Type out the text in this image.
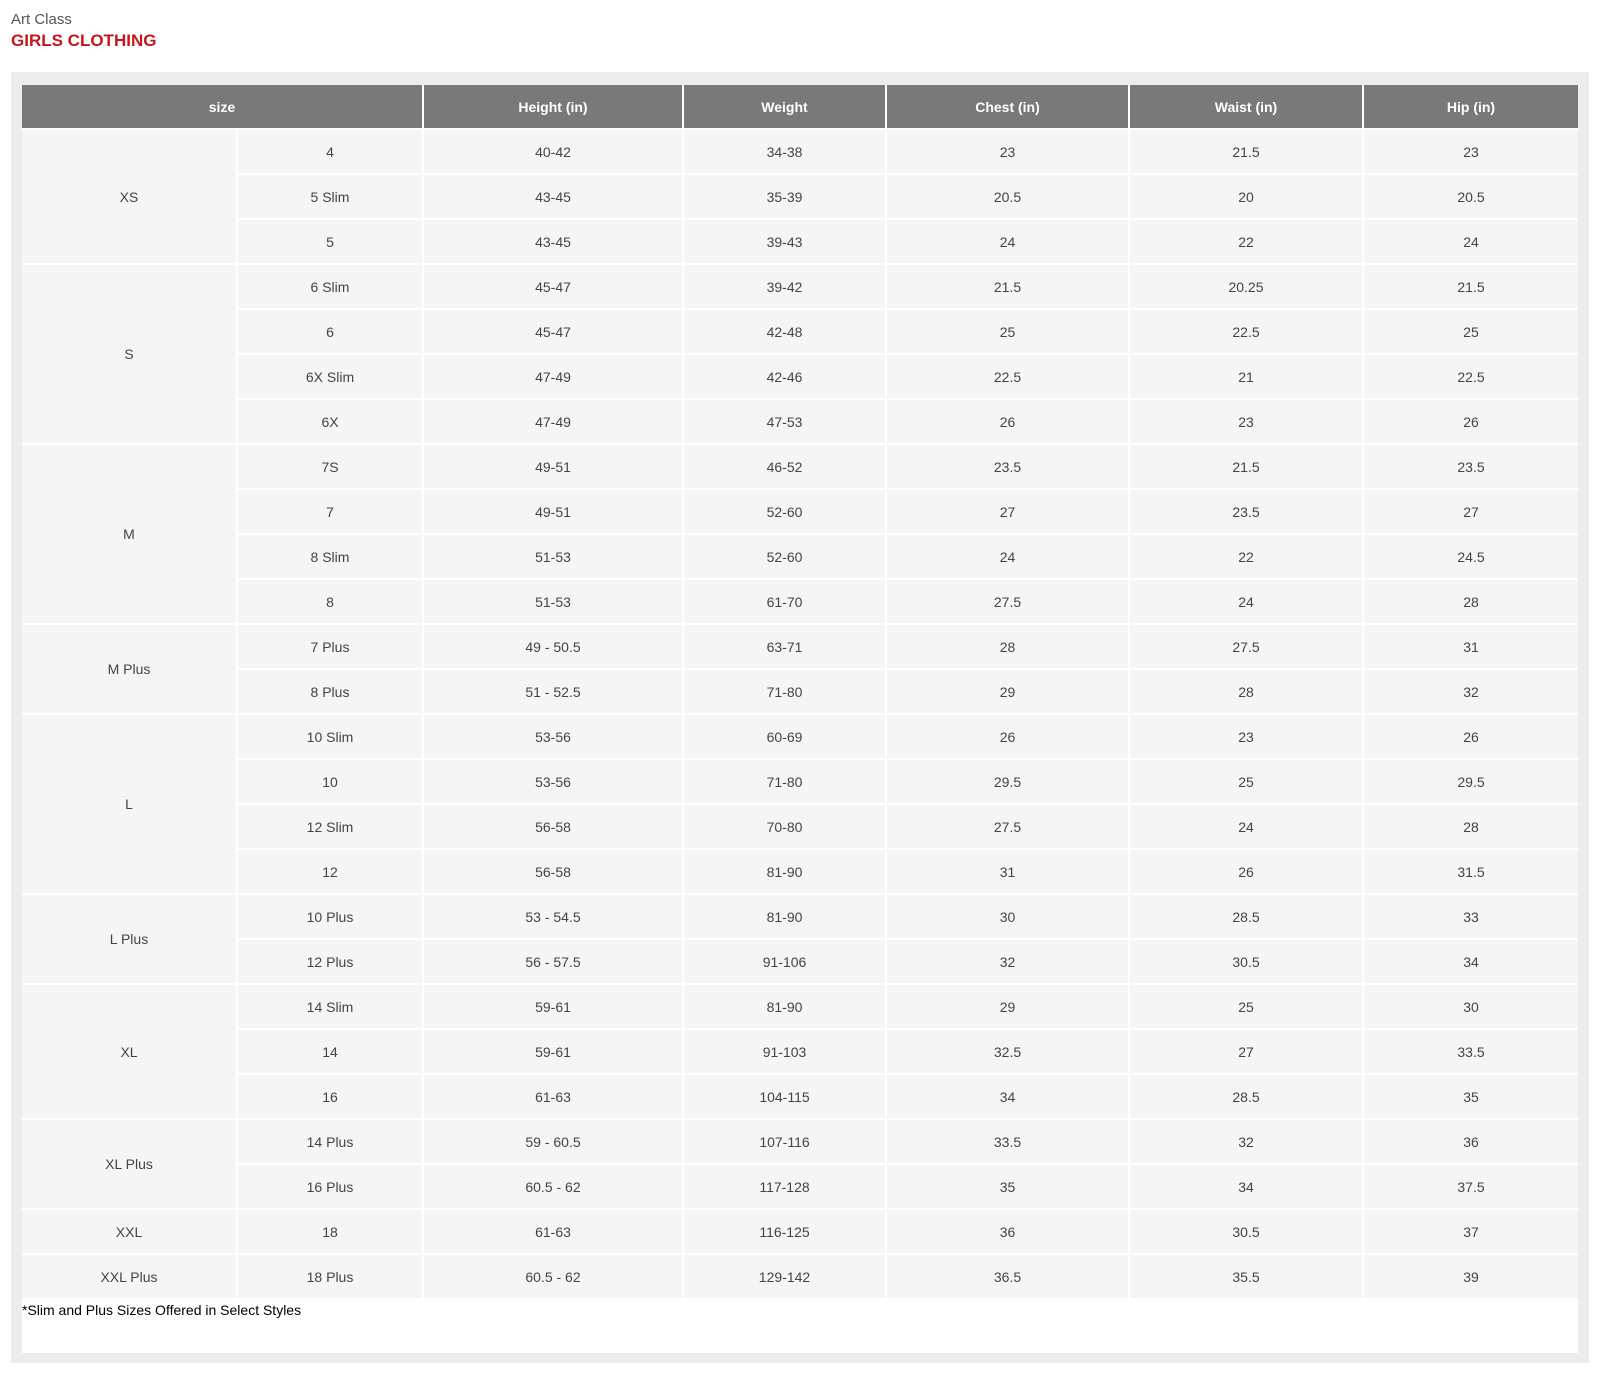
Art Class
GIRLS CLOTHING
size		Height (in)	Weight	Chest (in)	Waist (in)	Hip (in)
XS	4	40-42	34-38	23	21.5	23
	5 Slim	43-45	35-39	20.5	20	20.5
	5	43-45	39-43	24	22	24
S	6 Slim	45-47	39-42	21.5	20.25	21.5
	6	45-47	42-48	25	22.5	25
	6X Slim	47-49	42-46	22.5	21	22.5
	6X	47-49	47-53	26	23	26
M	7S	49-51	46-52	23.5	21.5	23.5
	7	49-51	52-60	27	23.5	27
	8 Slim	51-53	52-60	24	22	24.5
	8	51-53	61-70	27.5	24	28
M Plus	7 Plus	49 - 50.5	63-71	28	27.5	31
	8 Plus	51 - 52.5	71-80	29	28	32
L	10 Slim	53-56	60-69	26	23	26
	10	53-56	71-80	29.5	25	29.5
	12 Slim	56-58	70-80	27.5	24	28
	12	56-58	81-90	31	26	31.5
L Plus	10 Plus	53 - 54.5	81-90	30	28.5	33
	12 Plus	56 - 57.5	91-106	32	30.5	34
XL	14 Slim	59-61	81-90	29	25	30
	14	59-61	91-103	32.5	27	33.5
	16	61-63	104-115	34	28.5	35
XL Plus	14 Plus	59 - 60.5	107-116	33.5	32	36
	16 Plus	60.5 - 62	117-128	35	34	37.5
XXL	18	61-63	116-125	36	30.5	37
XXL Plus	18 Plus	60.5 - 62	129-142	36.5	35.5	39
*Slim and Plus Sizes Offered in Select Styles
